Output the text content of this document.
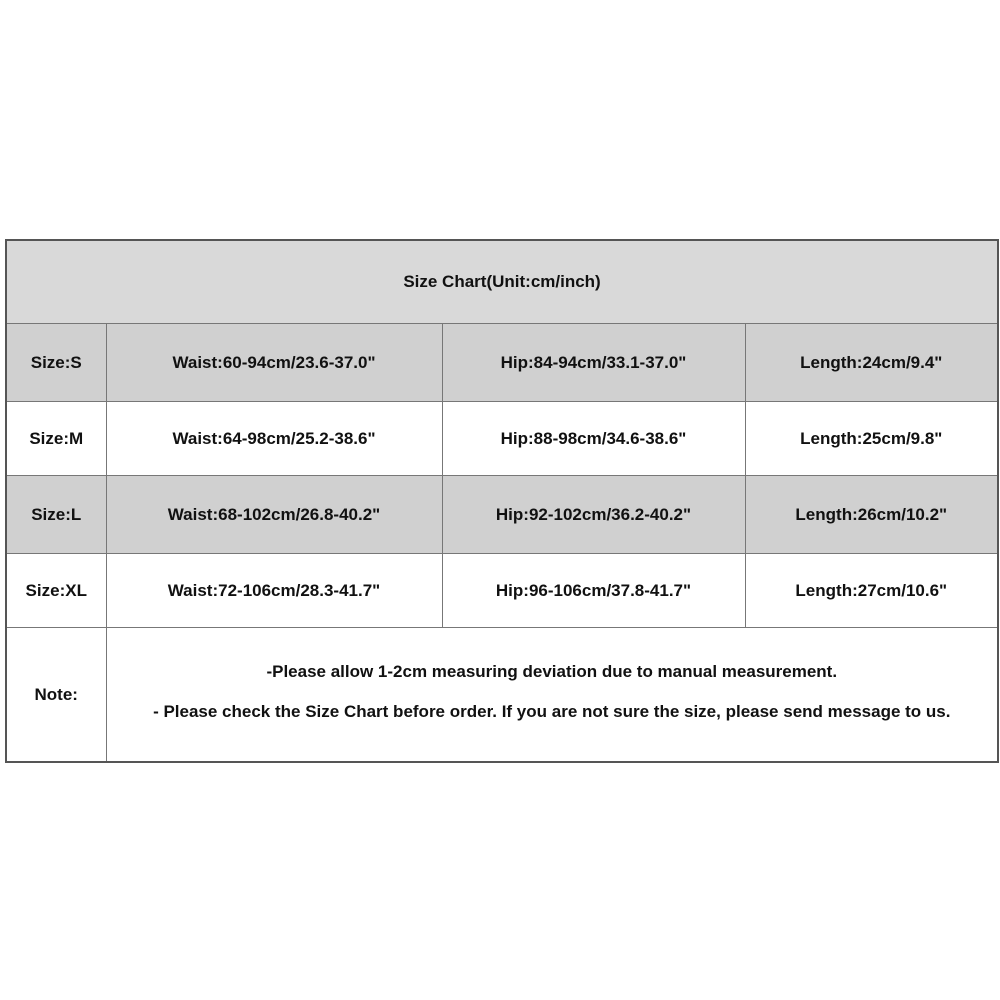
Size Chart(Unit:cm/inch)			
Size:S	Waist:60-94cm/23.6-37.0"	Hip:84-94cm/33.1-37.0"	Length:24cm/9.4"
Size:M	Waist:64-98cm/25.2-38.6"	Hip:88-98cm/34.6-38.6"	Length:25cm/9.8"
Size:L	Waist:68-102cm/26.8-40.2"	Hip:92-102cm/36.2-40.2"	Length:26cm/10.2"
Size:XL	Waist:72-106cm/28.3-41.7"	Hip:96-106cm/37.8-41.7"	Length:27cm/10.6"
Note:	-Please allow 1-2cm measuring deviation due to manual measurement.
- Please check the Size Chart before order. If you are not sure the size, please send message to us.		
